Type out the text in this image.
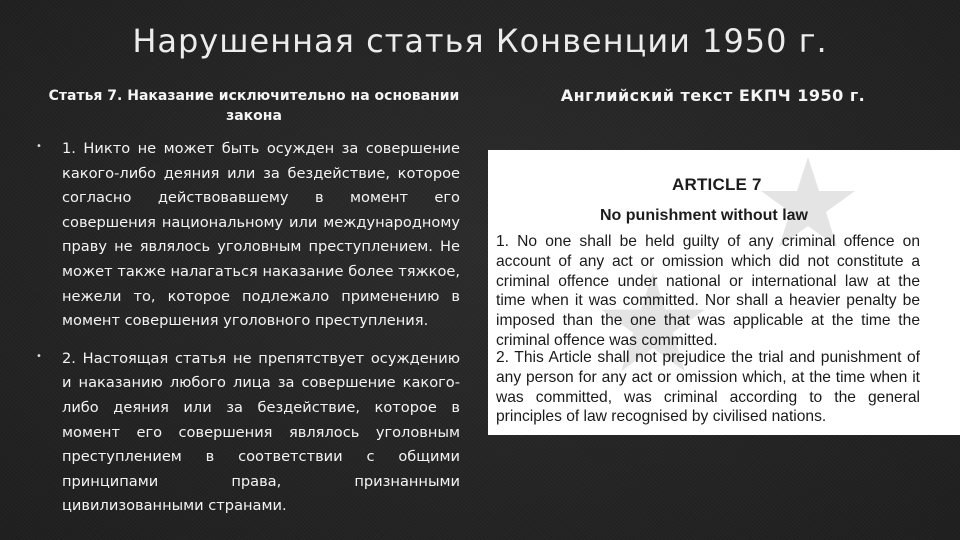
Нарушенная статья Конвенции 1950 г.
Статья 7. Наказание исключительно на основании закона
Английский текст ЕКПЧ 1950 г.
• 1. Никто не может быть осужден за совершение какого-либо деяния или за бездействие, которое согласно действовавшему в момент его совершения национальному или международному праву не являлось уголовным преступлением. Не может также налагаться наказание более тяжкое, нежели то, которое подлежало применению в момент совершения уголовного преступления.
• 2. Настоящая статья не препятствует осуждению и наказанию любого лица за совершение какого-либо деяния или за бездействие, которое в момент его совершения являлось уголовным преступлением в соответствии с общими принципами права, признанными цивилизованными странами.
ARTICLE 7
No punishment without law
1. No one shall be held guilty of any criminal offence on account of any act or omission which did not constitute a criminal offence under national or international law at the time when it was committed. Nor shall a heavier penalty be imposed than the one that was applicable at the time the criminal offence was committed.
2. This Article shall not prejudice the trial and punishment of any person for any act or omission which, at the time when it was committed, was criminal according to the general principles of law recognised by civilised nations.
